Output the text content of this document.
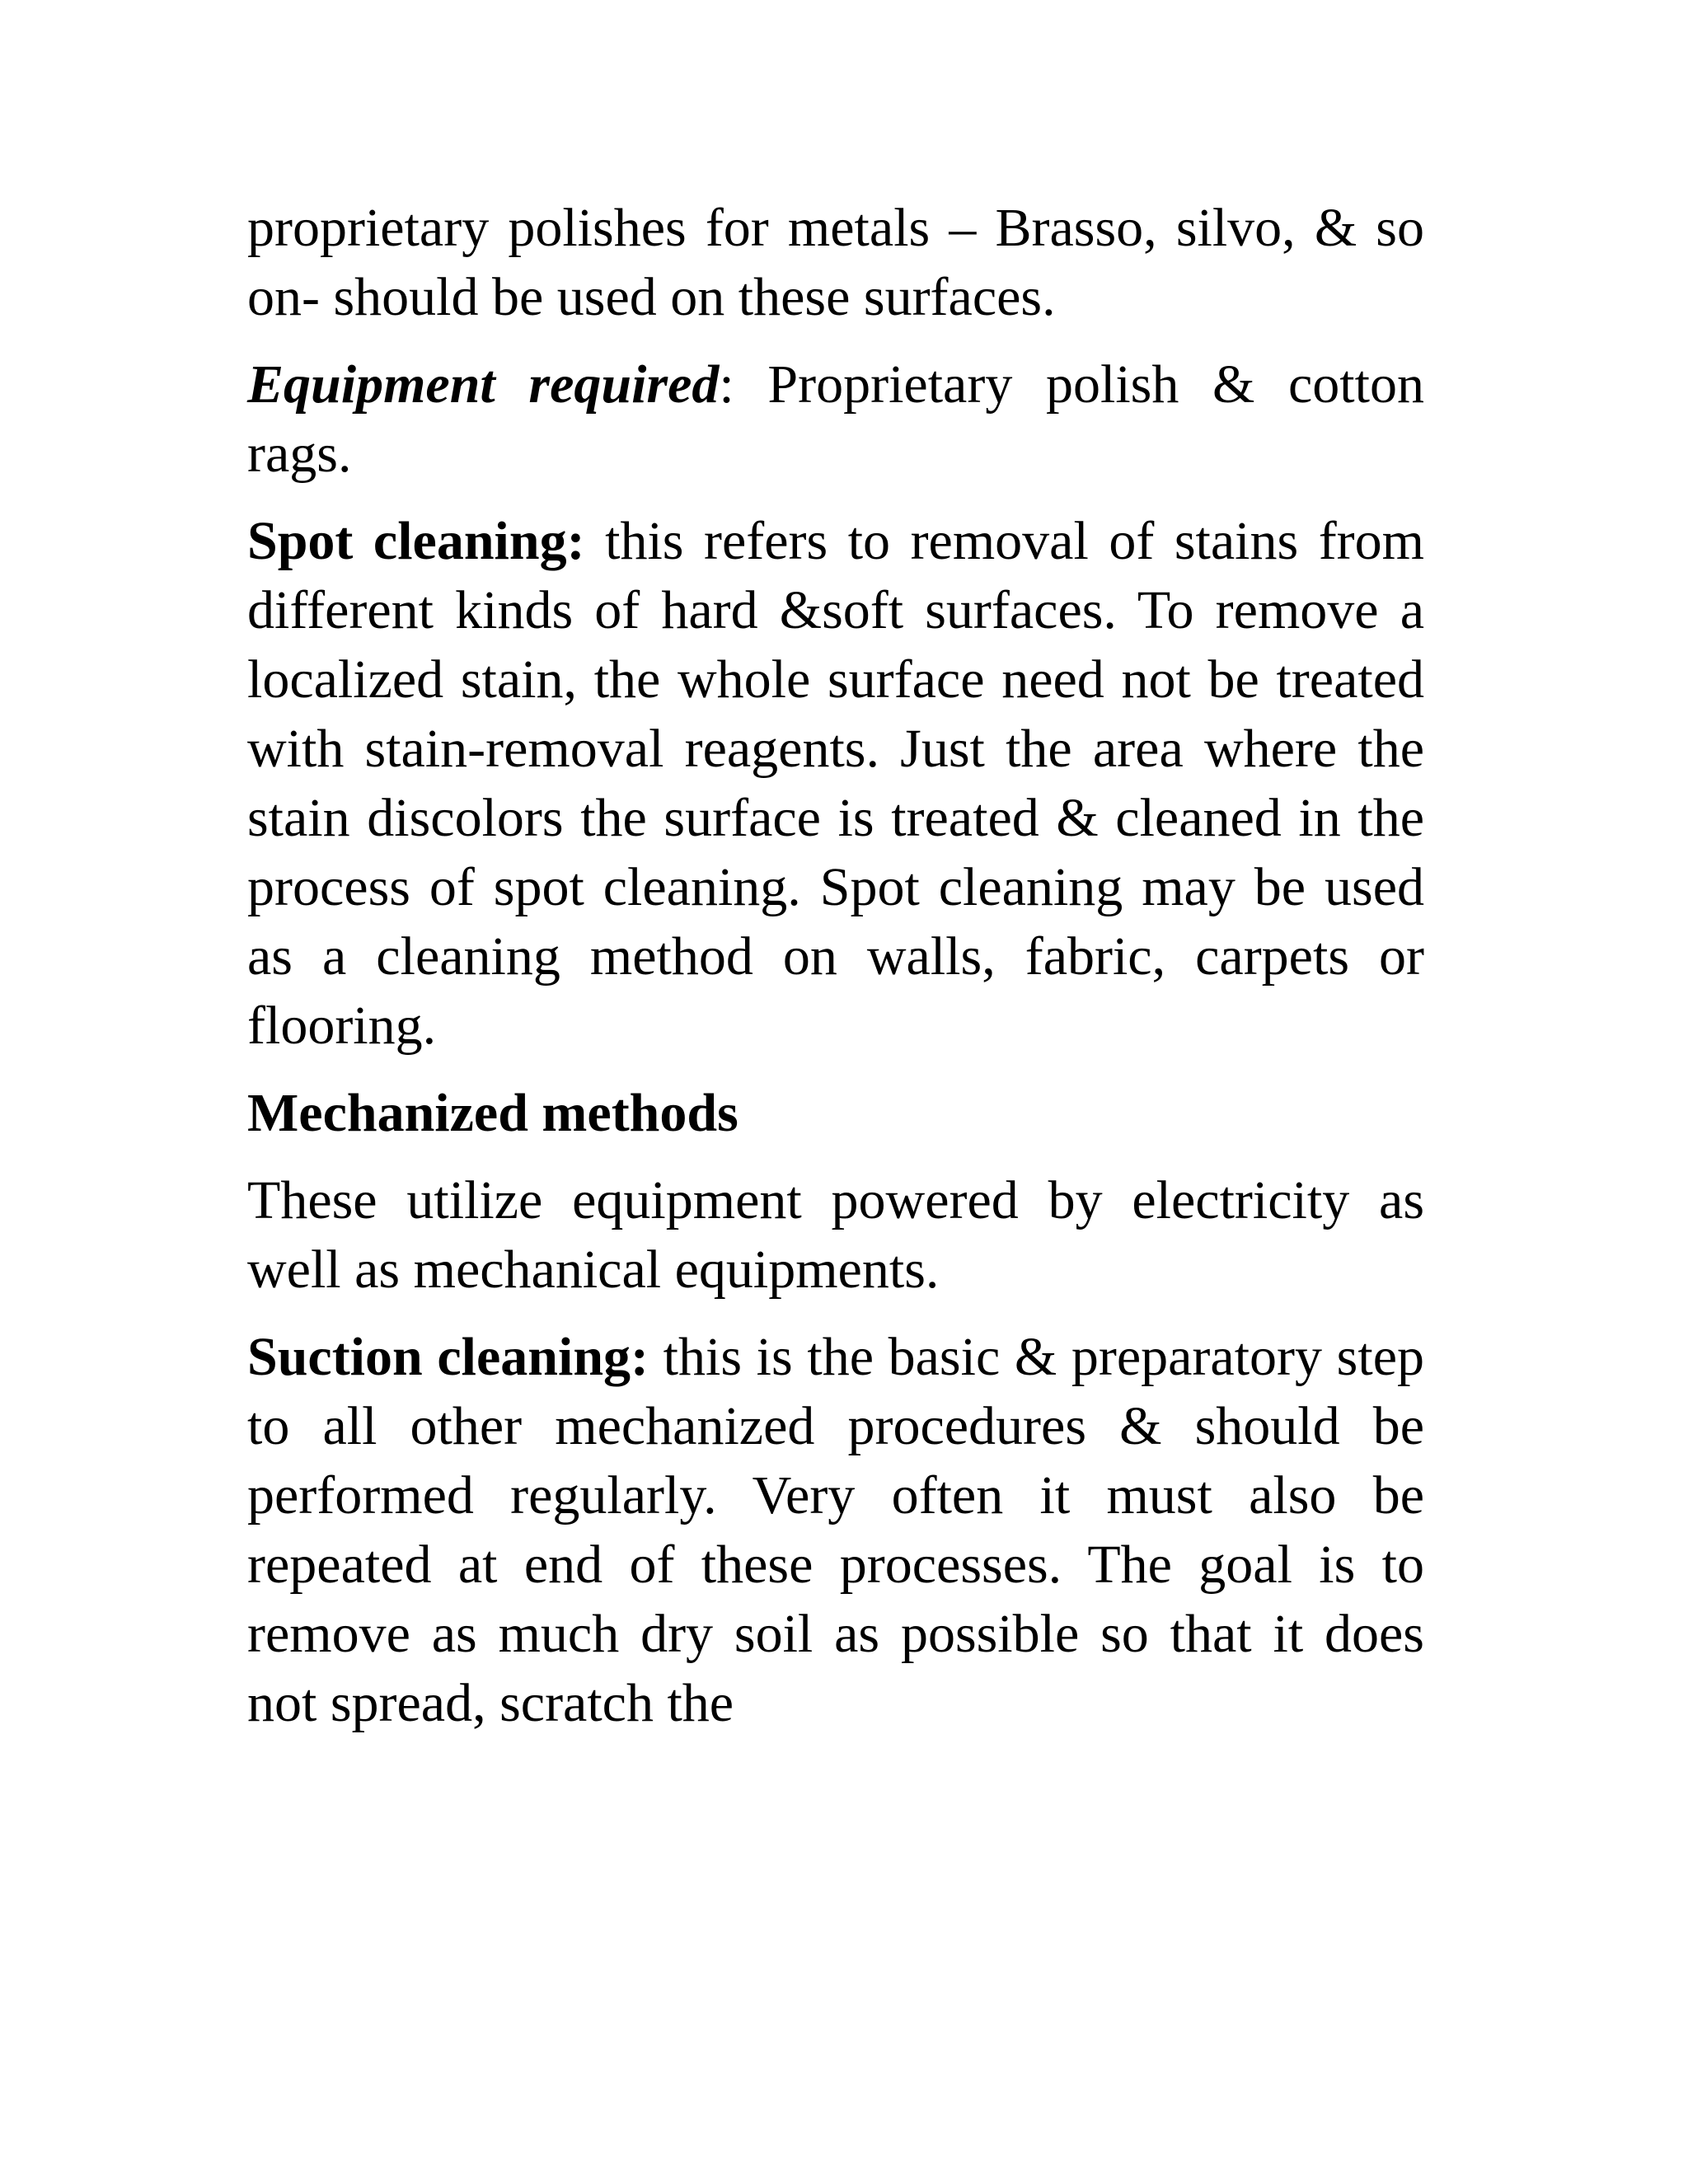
proprietary polishes for metals – Brasso, silvo, & so on- should be used on these surfaces.

Equipment required: Proprietary polish & cotton rags.

Spot cleaning: this refers to removal of stains from different kinds of hard &soft surfaces. To remove a localized stain, the whole surface need not be treated with stain-removal reagents. Just the area where the stain discolors the surface is treated & cleaned in the process of spot cleaning. Spot cleaning may be used as a cleaning method on walls, fabric, carpets or flooring.

Mechanized methods

These utilize equipment powered by electricity as well as mechanical equipments.

Suction cleaning: this is the basic & preparatory step to all other mechanized procedures & should be performed regularly. Very often it must also be repeated at end of these processes. The goal is to remove as much dry soil as possible so that it does not spread, scratch the
